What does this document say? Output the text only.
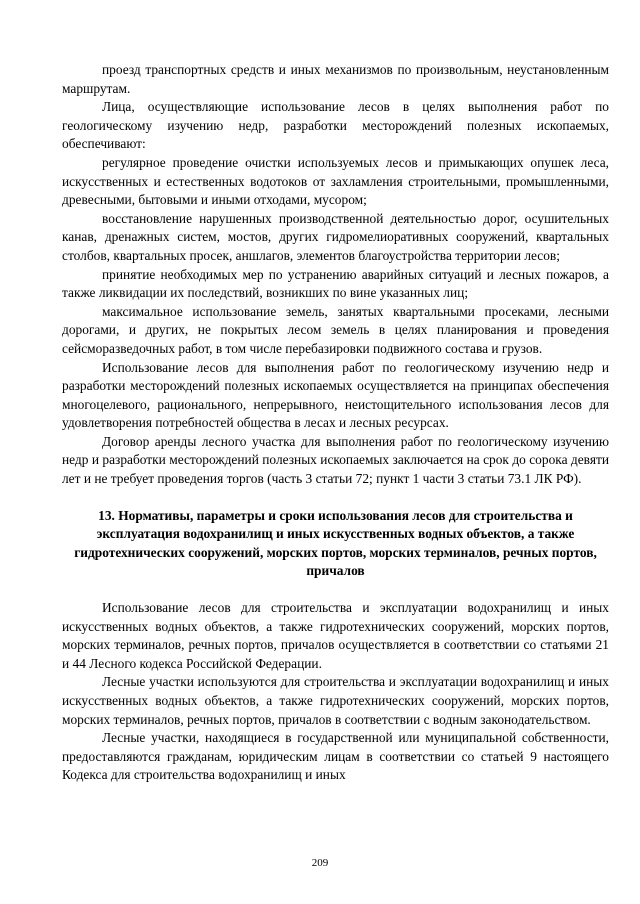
проезд транспортных средств и иных механизмов по произвольным, неустановленным маршрутам.

Лица, осуществляющие использование лесов в целях выполнения работ по геологическому изучению недр, разработки месторождений полезных ископаемых, обеспечивают:

регулярное проведение очистки используемых лесов и примыкающих опушек леса, искусственных и естественных водотоков от захламления строительными, промышленными, древесными, бытовыми и иными отходами, мусором;

восстановление нарушенных производственной деятельностью дорог, осушительных канав, дренажных систем, мостов, других гидромелиоративных сооружений, квартальных столбов, квартальных просек, аншлагов, элементов благоустройства территории лесов;

принятие необходимых мер по устранению аварийных ситуаций и лесных пожаров, а также ликвидации их последствий, возникших по вине указанных лиц;

максимальное использование земель, занятых квартальными просеками, лесными дорогами, и других, не покрытых лесом земель в целях планирования и проведения сейсморазведочных работ, в том числе перебазировки подвижного состава и грузов.

Использование лесов для выполнения работ по геологическому изучению недр и разработки месторождений полезных ископаемых осуществляется на принципах обеспечения многоцелевого, рационального, непрерывного, неистощительного использования лесов для удовлетворения потребностей общества в лесах и лесных ресурсах.

Договор аренды лесного участка для выполнения работ по геологическому изучению недр и разработки месторождений полезных ископаемых заключается на срок до сорока девяти лет и не требует проведения торгов (часть 3 статьи 72; пункт 1 части 3 статьи 73.1 ЛК РФ).

13. Нормативы, параметры и сроки использования лесов для строительства и эксплуатация водохранилищ и иных искусственных водных объектов, а также гидротехнических сооружений, морских портов, морских терминалов, речных портов, причалов

Использование лесов для строительства и эксплуатации водохранилищ и иных искусственных водных объектов, а также гидротехнических сооружений, морских портов, морских терминалов, речных портов, причалов осуществляется в соответствии со статьями 21 и 44 Лесного кодекса Российской Федерации.

Лесные участки используются для строительства и эксплуатации водохранилищ и иных искусственных водных объектов, а также гидротехнических сооружений, морских портов, морских терминалов, речных портов, причалов в соответствии с водным законодательством.

Лесные участки, находящиеся в государственной или муниципальной собственности, предоставляются гражданам, юридическим лицам в соответствии со статьей 9 настоящего Кодекса для строительства водохранилищ и иных

209
